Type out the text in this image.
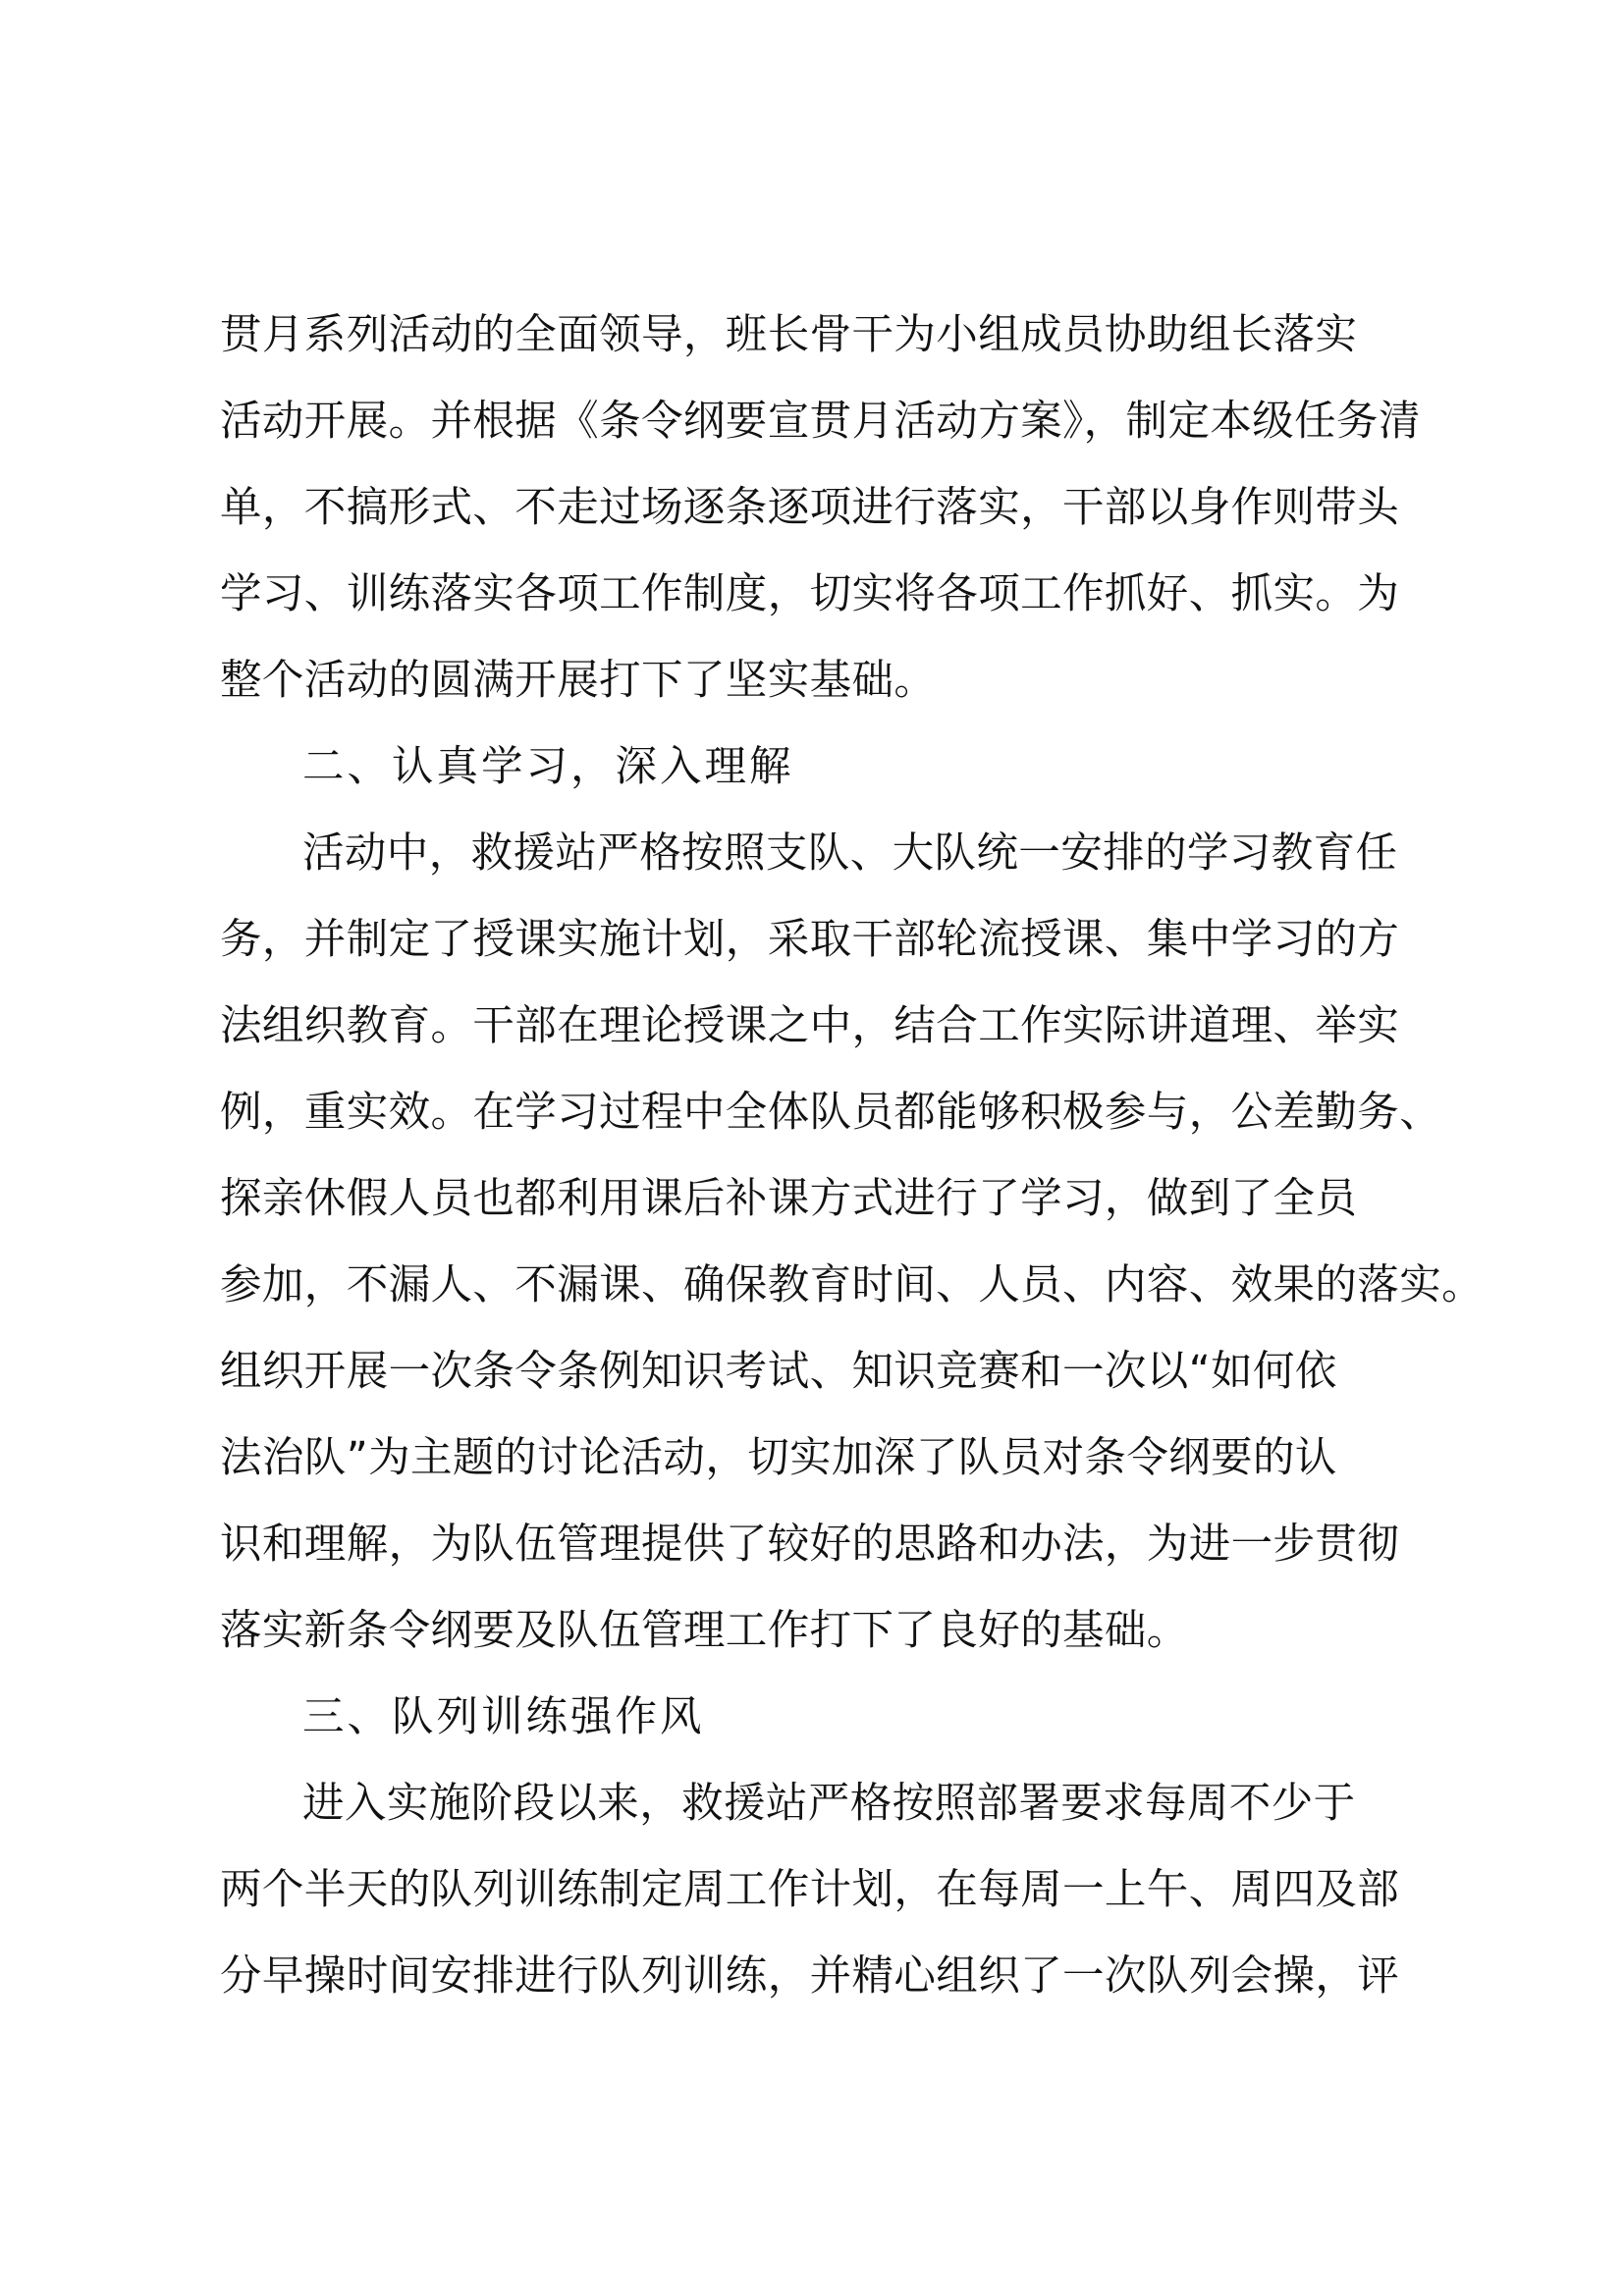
贯月系列活动的全面领导，班长骨干为小组成员协助组长落实
活动开展。并根据《条令纲要宣贯月活动方案》，制定本级任务清
单，不搞形式、不走过场逐条逐项进行落实，干部以身作则带头
学习、训练落实各项工作制度，切实将各项工作抓好、抓实。为
整个活动的圆满开展打下了坚实基础。
二、认真学习，深入理解
活动中，救援站严格按照支队、大队统一安排的学习教育任
务，并制定了授课实施计划，采取干部轮流授课、集中学习的方
法组织教育。干部在理论授课之中，结合工作实际讲道理、举实
例，重实效。在学习过程中全体队员都能够积极参与，公差勤务、
探亲休假人员也都利用课后补课方式进行了学习，做到了全员
参加，不漏人、不漏课、确保教育时间、人员、内容、效果的落实。
组织开展一次条令条例知识考试、知识竞赛和一次以“如何依
法治队”为主题的讨论活动，切实加深了队员对条令纲要的认
识和理解，为队伍管理提供了较好的思路和办法，为进一步贯彻
落实新条令纲要及队伍管理工作打下了良好的基础。
三、队列训练强作风
进入实施阶段以来，救援站严格按照部署要求每周不少于
两个半天的队列训练制定周工作计划，在每周一上午、周四及部
分早操时间安排进行队列训练，并精心组织了一次队列会操，评
